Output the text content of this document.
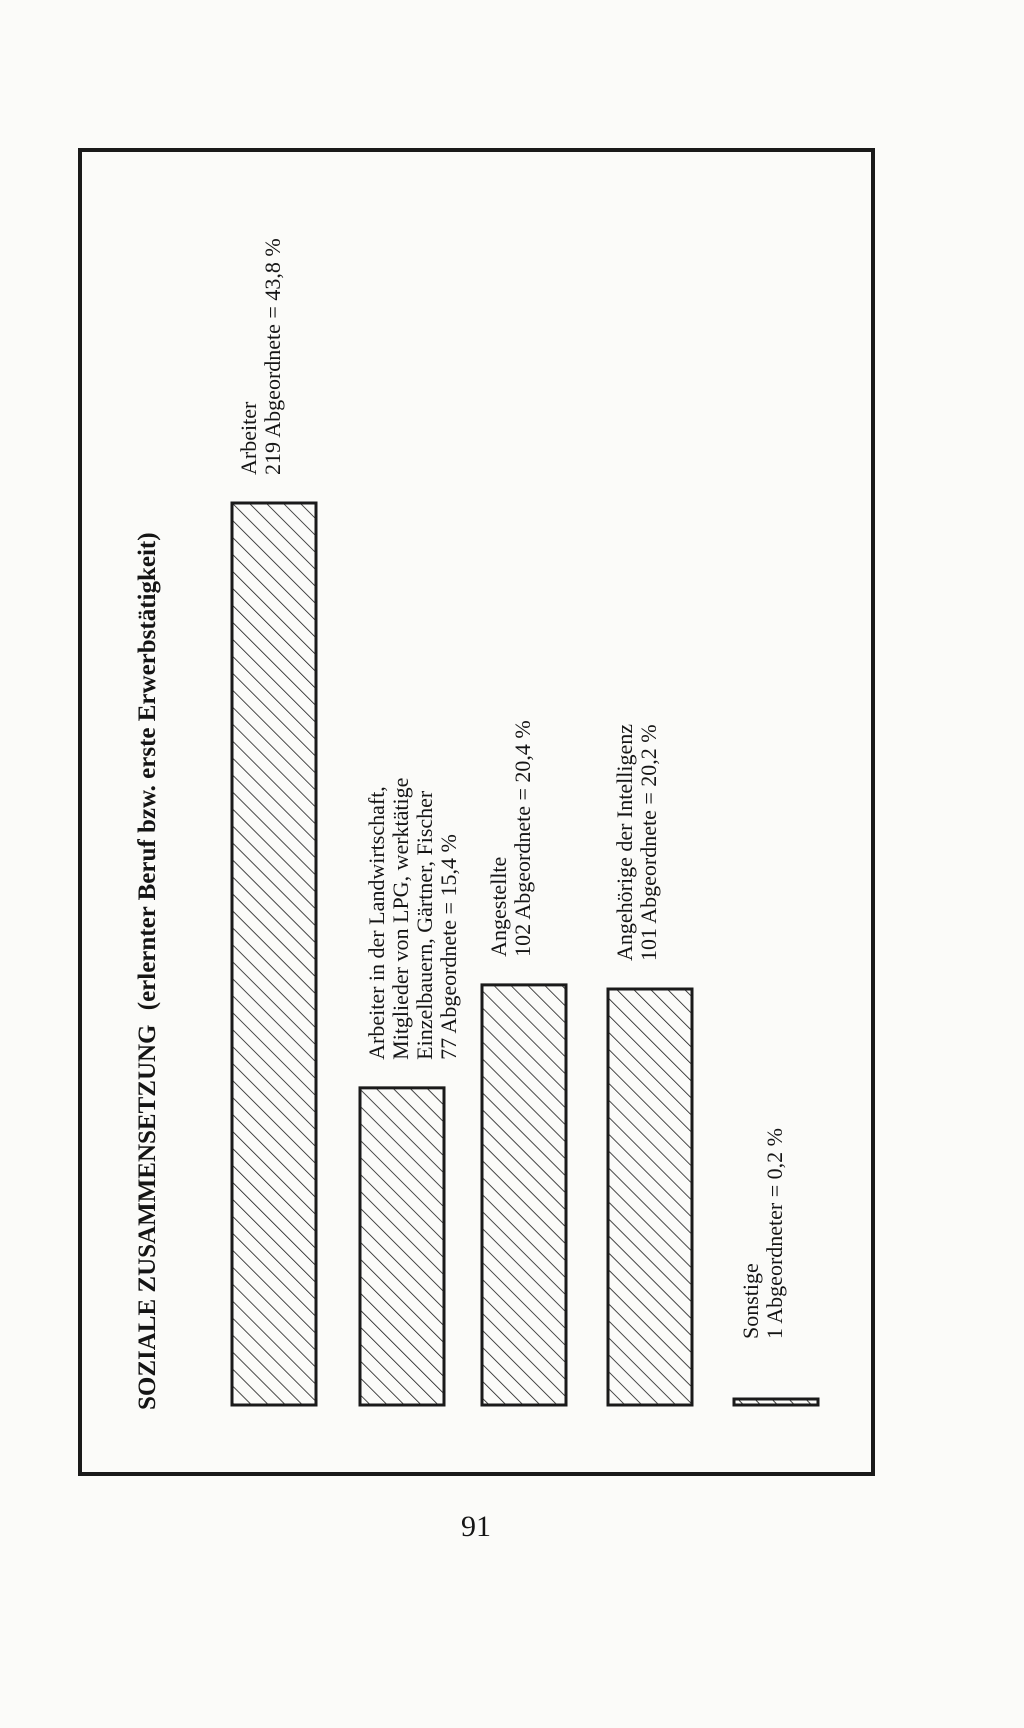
Arbeiter219 Abgeordnete = 43,8 %
Arbeiter in der Landwirtschaft,Mitglieder von LPG, werktätigeEinzelbauern, Gärtner, Fischer77 Abgeordnete = 15,4 % Angestellte102 Abgeordnete = 20,4 %	Angehörige der Intelligenz101 Abgeordnete = 20,2 %
Sonstige1 Abgeordneter = 0,2 %
SOZIALE ZUSAMMENSETZUNG (erlernter Beruf bzw. erste Erwerbstätigkeit)
91
